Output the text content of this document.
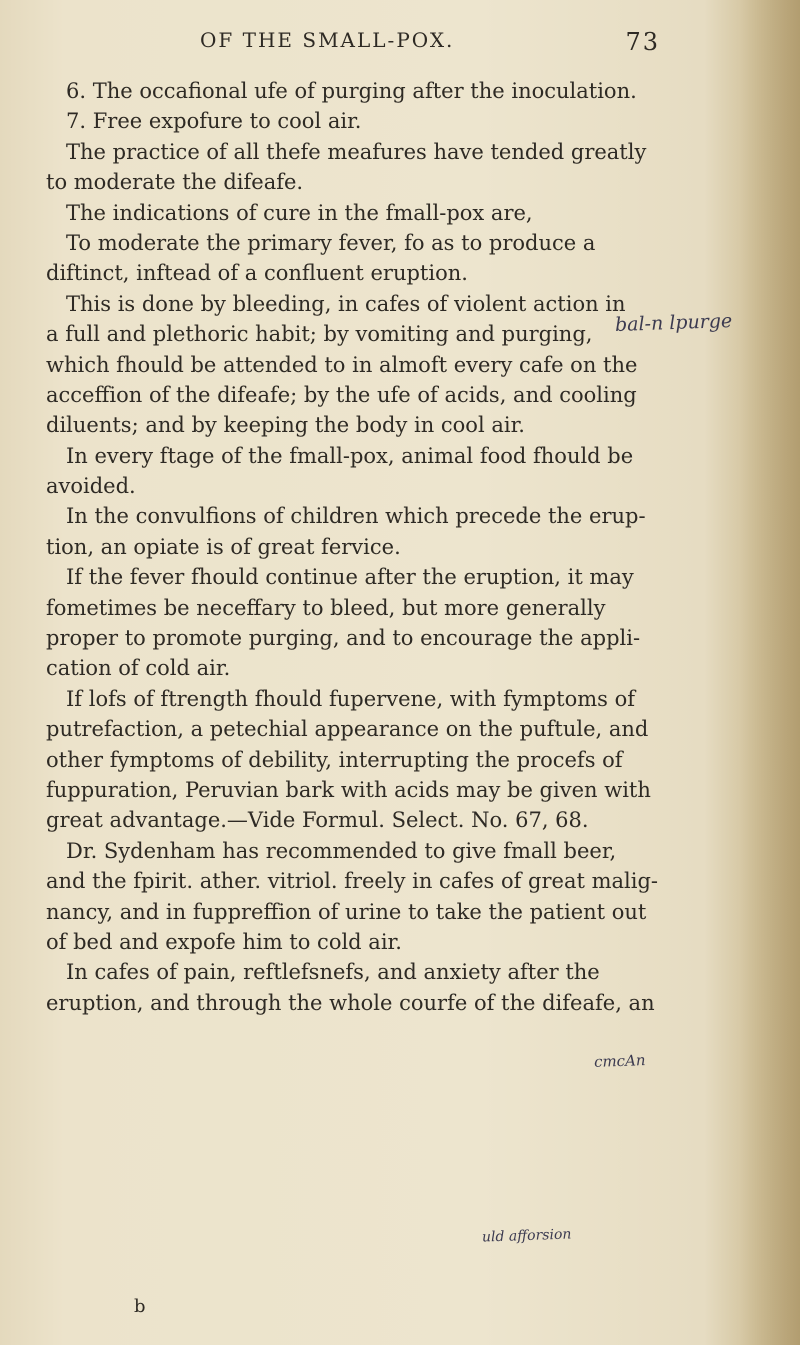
OF THE SMALL-POX.	73
6. The occafional ufe of purging after the inoculation.
7. Free expofure to cool air.
The practice of all thefe meafures have tended greatly
to moderate the difeafe.
The indications of cure in the fmall-pox are,
To moderate the primary fever, fo as to produce a
diftinct, inftead of a confluent eruption.
This is done by bleeding, in cafes of violent action in
a full and plethoric habit; by vomiting and purging,
which fhould be attended to in almoft every cafe on the
acceffion of the difeafe; by the ufe of acids, and cooling
diluents; and by keeping the body in cool air.
In every ftage of the fmall-pox, animal food fhould be
avoided.
In the convulfions of children which precede the erup-
tion, an opiate is of great fervice.
If the fever fhould continue after the eruption, it may
fometimes be neceffary to bleed, but more generally
proper to promote purging, and to encourage the appli-
cation of cold air.
If lofs of ftrength fhould fupervene, with fymptoms of
putrefaction, a petechial appearance on the puftule, and
other fymptoms of debility, interrupting the procefs of
fuppuration, Peruvian bark with acids may be given with
great advantage.—Vide Formul. Select. No. 67, 68.
Dr. Sydenham has recommended to give fmall beer,
and the fpirit. ather. vitriol. freely in cafes of great malig-
nancy, and in fuppreffion of urine to take the patient out
of bed and expofe him to cold air.
In cafes of pain, reftlefsnefs, and anxiety after the
eruption, and through the whole courfe of the difeafe, an
bal-n lpurge
cmcAn
uld afforsion
b
